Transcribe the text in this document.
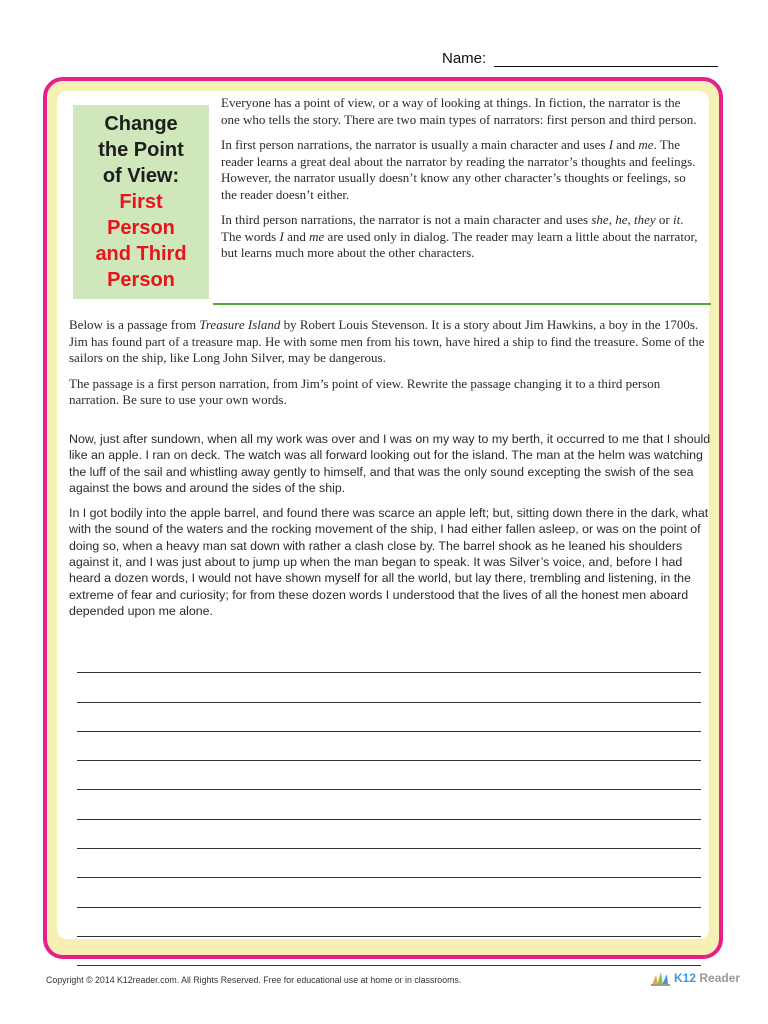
Name:
Change
the Point
of View:
First
Person
and Third
Person

Everyone has a point of view, or a way of looking at things. In fiction, the narrator is the one who tells the story. There are two main types of narrators: first person and third person.

In first person narrations, the narrator is usually a main character and uses I and me. The reader learns a great deal about the narrator by reading the narrator’s thoughts and feelings. However, the narrator usually doesn’t know any other character’s thoughts or feelings, so the reader doesn’t either.

In third person narrations, the narrator is not a main character and uses she, he, they or it. The words I and me are used only in dialog. The reader may learn a little about the narrator, but learns much more about the other characters.

Below is a passage from Treasure Island by Robert Louis Stevenson. It is a story about Jim Hawkins, a boy in the 1700s. Jim has found part of a treasure map. He with some men from his town, have hired a ship to find the treasure. Some of the sailors on the ship, like Long John Silver, may be dangerous.

The passage is a first person narration, from Jim’s point of view. Rewrite the passage changing it to a third person narration. Be sure to use your own words.

Now, just after sundown, when all my work was over and I was on my way to my berth, it occurred to me that I should like an apple. I ran on deck. The watch was all forward looking out for the island. The man at the helm was watching the luff of the sail and whistling away gently to himself, and that was the only sound excepting the swish of the sea against the bows and around the sides of the ship.

In I got bodily into the apple barrel, and found there was scarce an apple left; but, sitting down there in the dark, what with the sound of the waters and the rocking movement of the ship, I had either fallen asleep, or was on the point of doing so, when a heavy man sat down with rather a clash close by. The barrel shook as he leaned his shoulders against it, and I was just about to jump up when the man began to speak. It was Silver’s voice, and, before I had heard a dozen words, I would not have shown myself for all the world, but lay there, trembling and listening, in the extreme of fear and curiosity; for from these dozen words I understood that the lives of all the honest men aboard depended upon me alone.

Copyright © 2014 K12reader.com. All Rights Reserved. Free for educational use at home or in classrooms.	K12 Reader
